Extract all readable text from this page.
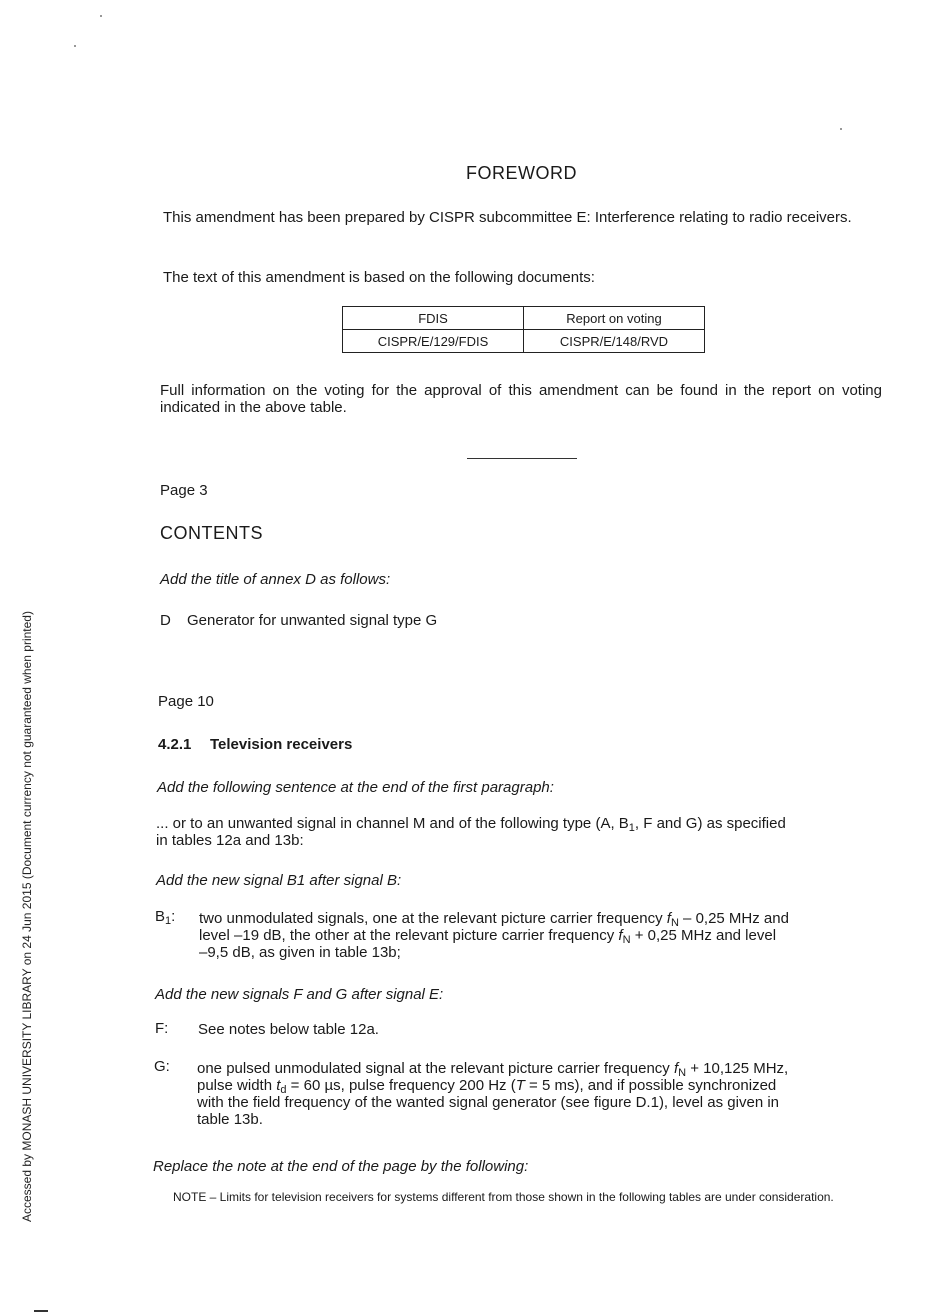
Accessed by MONASH UNIVERSITY LIBRARY on 24 Jun 2015 (Document currency not guaranteed when printed)
FOREWORD
This amendment has been prepared by CISPR subcommittee E: Interference relating to radio receivers.
The text of this amendment is based on the following documents:
FDIS	Report on voting
CISPR/E/129/FDIS	CISPR/E/148/RVD
Full information on the voting for the approval of this amendment can be found in the report on voting indicated in the above table.
Page 3
CONTENTS
Add the title of annex D as follows:
D Generator for unwanted signal type G
Page 10
4.2.1 Television receivers
Add the following sentence at the end of the first paragraph:
... or to an unwanted signal in channel M and of the following type (A, $B_1$, F and G) as specified
in tables 12a and 13b:
Add the new signal B1 after signal B:
$B_1$: two unmodulated signals, one at the relevant picture carrier frequency $f_N - 0,25$ MHz and
level –19 dB, the other at the relevant picture carrier frequency $f_N + 0,25$ MHz and level
–9,5 dB, as given in table 13b;
Add the new signals F and G after signal E:
F: See notes below table 12a.
G: one pulsed unmodulated signal at the relevant picture carrier frequency $f_N + 10,125$ MHz,
pulse width $t_d = 60$ µs, pulse frequency 200 Hz (T = 5 ms), and if possible synchronized
with the field frequency of the wanted signal generator (see figure D.1), level as given in
table 13b.
Replace the note at the end of the page by the following:
NOTE – Limits for television receivers for systems different from those shown in the following tables are under consideration.
